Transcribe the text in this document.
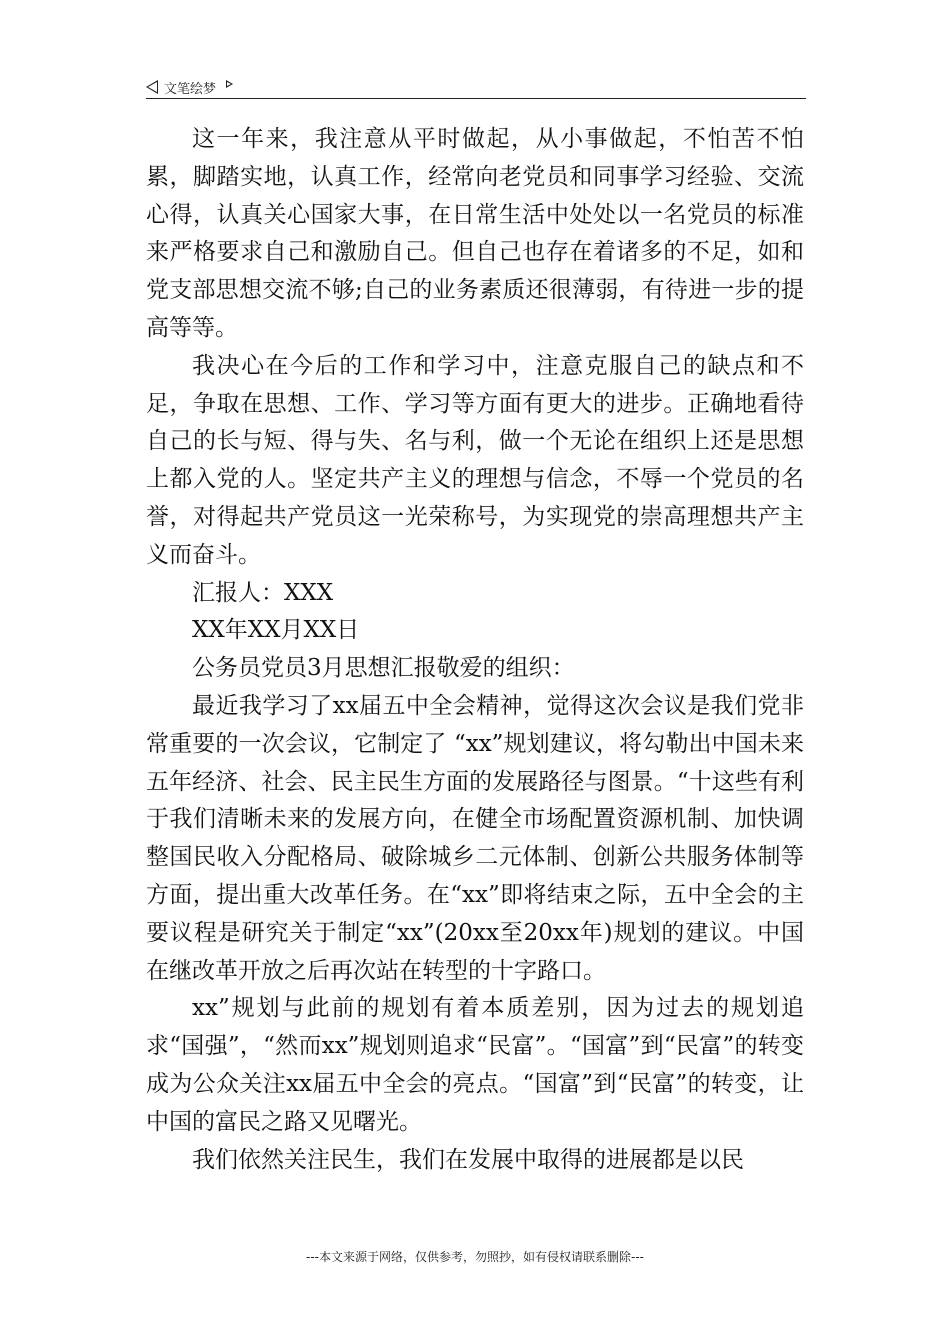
文笔绘梦

这一年来，我注意从平时做起，从小事做起，不怕苦不怕累，脚踏实地，认真工作，经常向老党员和同事学习经验、交流心得，认真关心国家大事，在日常生活中处处以一名党员的标准来严格要求自己和激励自己。但自己也存在着诸多的不足，如和党支部思想交流不够;自己的业务素质还很薄弱，有待进一步的提高等等。

我决心在今后的工作和学习中，注意克服自己的缺点和不足，争取在思想、工作、学习等方面有更大的进步。正确地看待自己的长与短、得与失、名与利，做一个无论在组织上还是思想上都入党的人。坚定共产主义的理想与信念，不辱一个党员的名誉，对得起共产党员这一光荣称号，为实现党的崇高理想共产主义而奋斗。

汇报人：XXX

XX年XX月XX日

公务员党员3月思想汇报敬爱的组织：

最近我学习了xx届五中全会精神，觉得这次会议是我们党非常重要的一次会议，它制定了 “xx”规划建议，将勾勒出中国未来五年经济、社会、民主民生方面的发展路径与图景。“十这些有利于我们清晰未来的发展方向，在健全市场配置资源机制、加快调整国民收入分配格局、破除城乡二元体制、创新公共服务体制等方面，提出重大改革任务。在“xx”即将结束之际，五中全会的主要议程是研究关于制定“xx”(20xx至20xx年)规划的建议。中国在继改革开放之后再次站在转型的十字路口。

xx”规划与此前的规划有着本质差别，因为过去的规划追求“国强”，“然而xx”规划则追求“民富”。“国富”到“民富”的转变成为公众关注xx届五中全会的亮点。“国富”到“民富”的转变，让中国的富民之路又见曙光。

我们依然关注民生，我们在发展中取得的进展都是以民

---本文来源于网络，仅供参考，勿照抄，如有侵权请联系删除---
